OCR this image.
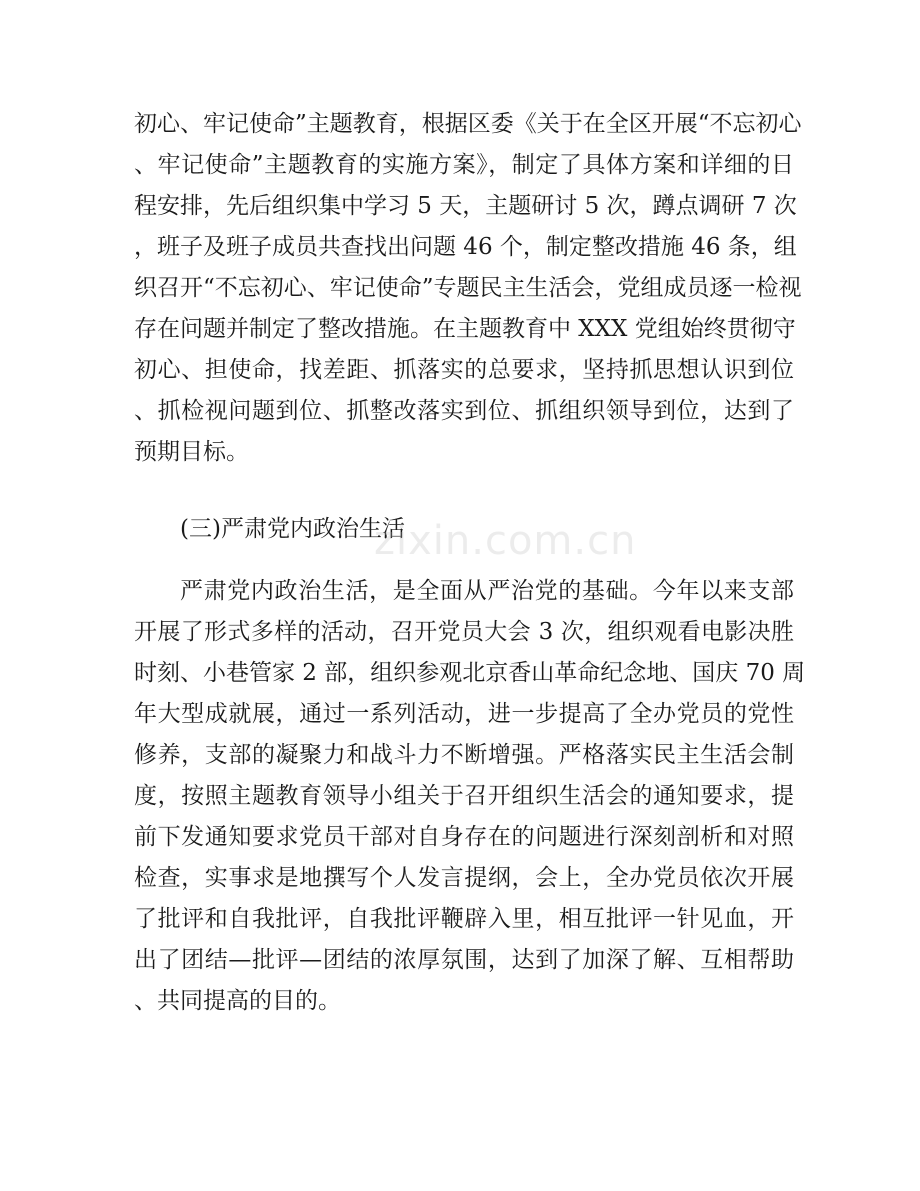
初心、牢记使命”主题教育，根据区委《关于在全区开展“不忘初心
、牢记使命”主题教育的实施方案》，制定了具体方案和详细的日
程安排，先后组织集中学习 5 天，主题研讨 5 次，蹲点调研 7 次
，班子及班子成员共查找出问题 46 个，制定整改措施 46 条，组
织召开“不忘初心、牢记使命”专题民主生活会，党组成员逐一检视
存在问题并制定了整改措施。在主题教育中 XXX 党组始终贯彻守
初心、担使命，找差距、抓落实的总要求，坚持抓思想认识到位
、抓检视问题到位、抓整改落实到位、抓组织领导到位，达到了
预期目标。
(三)严肃党内政治生活
zixin.com.cn
严肃党内政治生活，是全面从严治党的基础。今年以来支部
开展了形式多样的活动，召开党员大会 3 次，组织观看电影决胜
时刻、小巷管家 2 部，组织参观北京香山革命纪念地、国庆 70 周
年大型成就展，通过一系列活动，进一步提高了全办党员的党性
修养，支部的凝聚力和战斗力不断增强。严格落实民主生活会制
度，按照主题教育领导小组关于召开组织生活会的通知要求，提
前下发通知要求党员干部对自身存在的问题进行深刻剖析和对照
检查，实事求是地撰写个人发言提纲，会上，全办党员依次开展
了批评和自我批评，自我批评鞭辟入里，相互批评一针见血，开
出了团结—批评—团结的浓厚氛围，达到了加深了解、互相帮助
、共同提高的目的。
